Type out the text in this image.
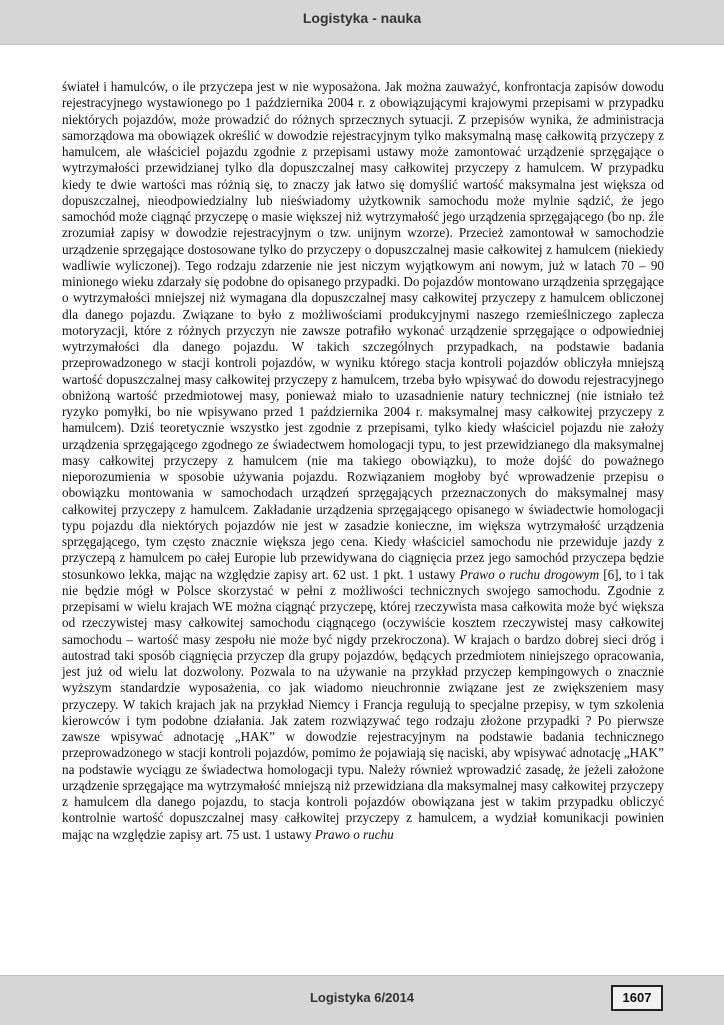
Logistyka - nauka

świateł i hamulców, o ile przyczepa jest w nie wyposażona. Jak można zauważyć, konfrontacja zapisów dowodu rejestracyjnego wystawionego po 1 października 2004 r. z obowiązującymi krajowymi przepisami w przypadku niektórych pojazdów, może prowadzić do różnych sprzecznych sytuacji. Z przepisów wynika, że administracja samorządowa ma obowiązek określić w dowodzie rejestracyjnym tylko maksymalną masę całkowitą przyczepy z hamulcem, ale właściciel pojazdu zgodnie z przepisami ustawy może zamontować urządzenie sprzęgające o wytrzymałości przewidzianej tylko dla dopuszczalnej masy całkowitej przyczepy z hamulcem. W przypadku kiedy te dwie wartości mas różnią się, to znaczy jak łatwo się domyślić wartość maksymalna jest większa od dopuszczalnej, nieodpowiedzialny lub nieświadomy użytkownik samochodu może mylnie sądzić, że jego samochód może ciągnąć przyczepę o masie większej niż wytrzymałość jego urządzenia sprzęgającego (bo np. źle zrozumiał zapisy w dowodzie rejestracyjnym o tzw. unijnym wzorze). Przecież zamontował w samochodzie urządzenie sprzęgające dostosowane tylko do przyczepy o dopuszczalnej masie całkowitej z hamulcem (niekiedy wadliwie wyliczonej). Tego rodzaju zdarzenie nie jest niczym wyjątkowym ani nowym, już w latach 70 – 90 minionego wieku zdarzały się podobne do opisanego przypadki. Do pojazdów montowano urządzenia sprzęgające o wytrzymałości mniejszej niż wymagana dla dopuszczalnej masy całkowitej przyczepy z hamulcem obliczonej dla danego pojazdu. Związane to było z możliwościami produkcyjnymi naszego rzemieślniczego zaplecza motoryzacji, które z różnych przyczyn nie zawsze potrafiło wykonać urządzenie sprzęgające o odpowiedniej wytrzymałości dla danego pojazdu. W takich szczególnych przypadkach, na podstawie badania przeprowadzonego w stacji kontroli pojazdów, w wyniku którego stacja kontroli pojazdów obliczyła mniejszą wartość dopuszczalnej masy całkowitej przyczepy z hamulcem, trzeba było wpisywać do dowodu rejestracyjnego obniżoną wartość przedmiotowej masy, ponieważ miało to uzasadnienie natury technicznej (nie istniało też ryzyko pomyłki, bo nie wpisywano przed 1 października 2004 r. maksymalnej masy całkowitej przyczepy z hamulcem). Dziś teoretycznie wszystko jest zgodnie z przepisami, tylko kiedy właściciel pojazdu nie założy urządzenia sprzęgającego zgodnego ze świadectwem homologacji typu, to jest przewidzianego dla maksymalnej masy całkowitej przyczepy z hamulcem (nie ma takiego obowiązku), to może dojść do poważnego nieporozumienia w sposobie używania pojazdu. Rozwiązaniem mogłoby być wprowadzenie przepisu o obowiązku montowania w samochodach urządzeń sprzęgających przeznaczonych do maksymalnej masy całkowitej przyczepy z hamulcem. Zakładanie urządzenia sprzęgającego opisanego w świadectwie homologacji typu pojazdu dla niektórych pojazdów nie jest w zasadzie konieczne, im większa wytrzymałość urządzenia sprzęgającego, tym często znacznie większa jego cena. Kiedy właściciel samochodu nie przewiduje jazdy z przyczepą z hamulcem po całej Europie lub przewidywana do ciągnięcia przez jego samochód przyczepa będzie stosunkowo lekka, mając na względzie zapisy art. 62 ust. 1 pkt. 1 ustawy Prawo o ruchu drogowym [6], to i tak nie będzie mógł w Polsce skorzystać w pełni z możliwości technicznych swojego samochodu. Zgodnie z przepisami w wielu krajach WE można ciągnąć przyczepę, której rzeczywista masa całkowita może być większa od rzeczywistej masy całkowitej samochodu ciągnącego (oczywiście kosztem rzeczywistej masy całkowitej samochodu – wartość masy zespołu nie może być nigdy przekroczona). W krajach o bardzo dobrej sieci dróg i autostrad taki sposób ciągnięcia przyczep dla grupy pojazdów, będących przedmiotem niniejszego opracowania, jest już od wielu lat dozwolony. Pozwala to na używanie na przykład przyczep kempingowych o znacznie wyższym standardzie wyposażenia, co jak wiadomo nieuchronnie związane jest ze zwiększeniem masy przyczepy. W takich krajach jak na przykład Niemcy i Francja regulują to specjalne przepisy, w tym szkolenia kierowców i tym podobne działania. Jak zatem rozwiązywać tego rodzaju złożone przypadki ? Po pierwsze zawsze wpisywać adnotację „HAK” w dowodzie rejestracyjnym na podstawie badania technicznego przeprowadzonego w stacji kontroli pojazdów, pomimo że pojawiają się naciski, aby wpisywać adnotację „HAK” na podstawie wyciągu ze świadectwa homologacji typu. Należy również wprowadzić zasadę, że jeżeli założone urządzenie sprzęgające ma wytrzymałość mniejszą niż przewidziana dla maksymalnej masy całkowitej przyczepy z hamulcem dla danego pojazdu, to stacja kontroli pojazdów obowiązana jest w takim przypadku obliczyć kontrolnie wartość dopuszczalnej masy całkowitej przyczepy z hamulcem, a wydział komunikacji powinien mając na względzie zapisy art. 75 ust. 1 ustawy Prawo o ruchu

Logistyka 6/2014	1607
